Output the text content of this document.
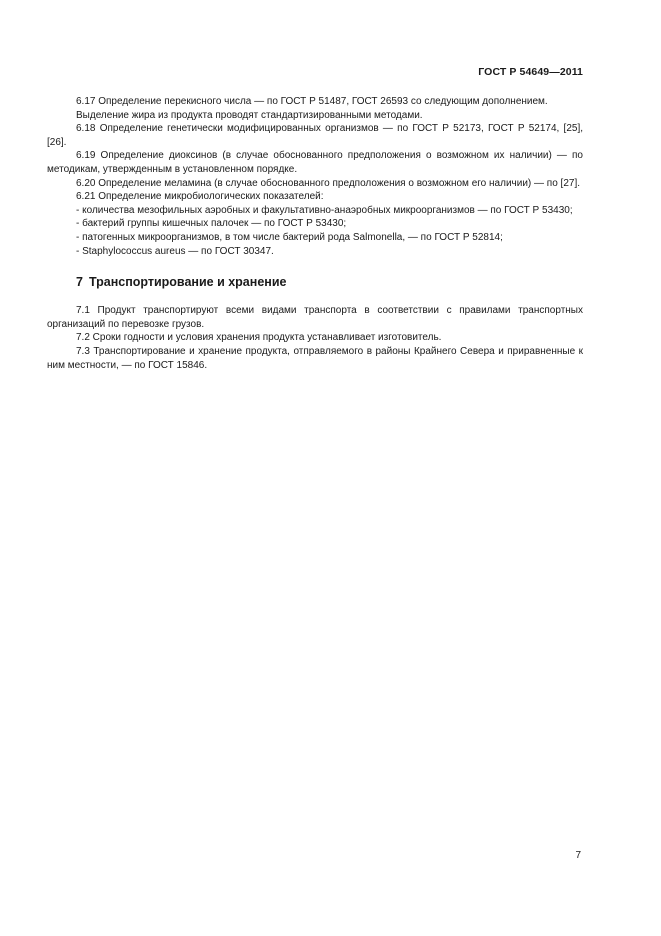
ГОСТ Р 54649—2011

6.17 Определение перекисного числа — по ГОСТ Р 51487, ГОСТ 26593 со следующим дополнением.

Выделение жира из продукта проводят стандартизированными методами.

6.18 Определение генетически модифицированных организмов — по ГОСТ Р 52173, ГОСТ Р 52174, [25], [26].

6.19 Определение диоксинов (в случае обоснованного предположения о возможном их наличии) — по методикам, утвержденным в установленном порядке.

6.20 Определение меламина (в случае обоснованного предположения о возможном его наличии) — по [27].

6.21 Определение микробиологических показателей:

- количества мезофильных аэробных и факультативно-анаэробных микроорганизмов — по ГОСТ Р 53430;

- бактерий группы кишечных палочек — по ГОСТ Р 53430;

- патогенных микроорганизмов, в том числе бактерий рода Salmonella, — по ГОСТ Р 52814;

- Staphylococcus aureus — по ГОСТ 30347.

7 Транспортирование и хранение

7.1 Продукт транспортируют всеми видами транспорта в соответствии с правилами транспортных организаций по перевозке грузов.

7.2 Сроки годности и условия хранения продукта устанавливает изготовитель.

7.3 Транспортирование и хранение продукта, отправляемого в районы Крайнего Севера и приравненные к ним местности, — по ГОСТ 15846.

7
